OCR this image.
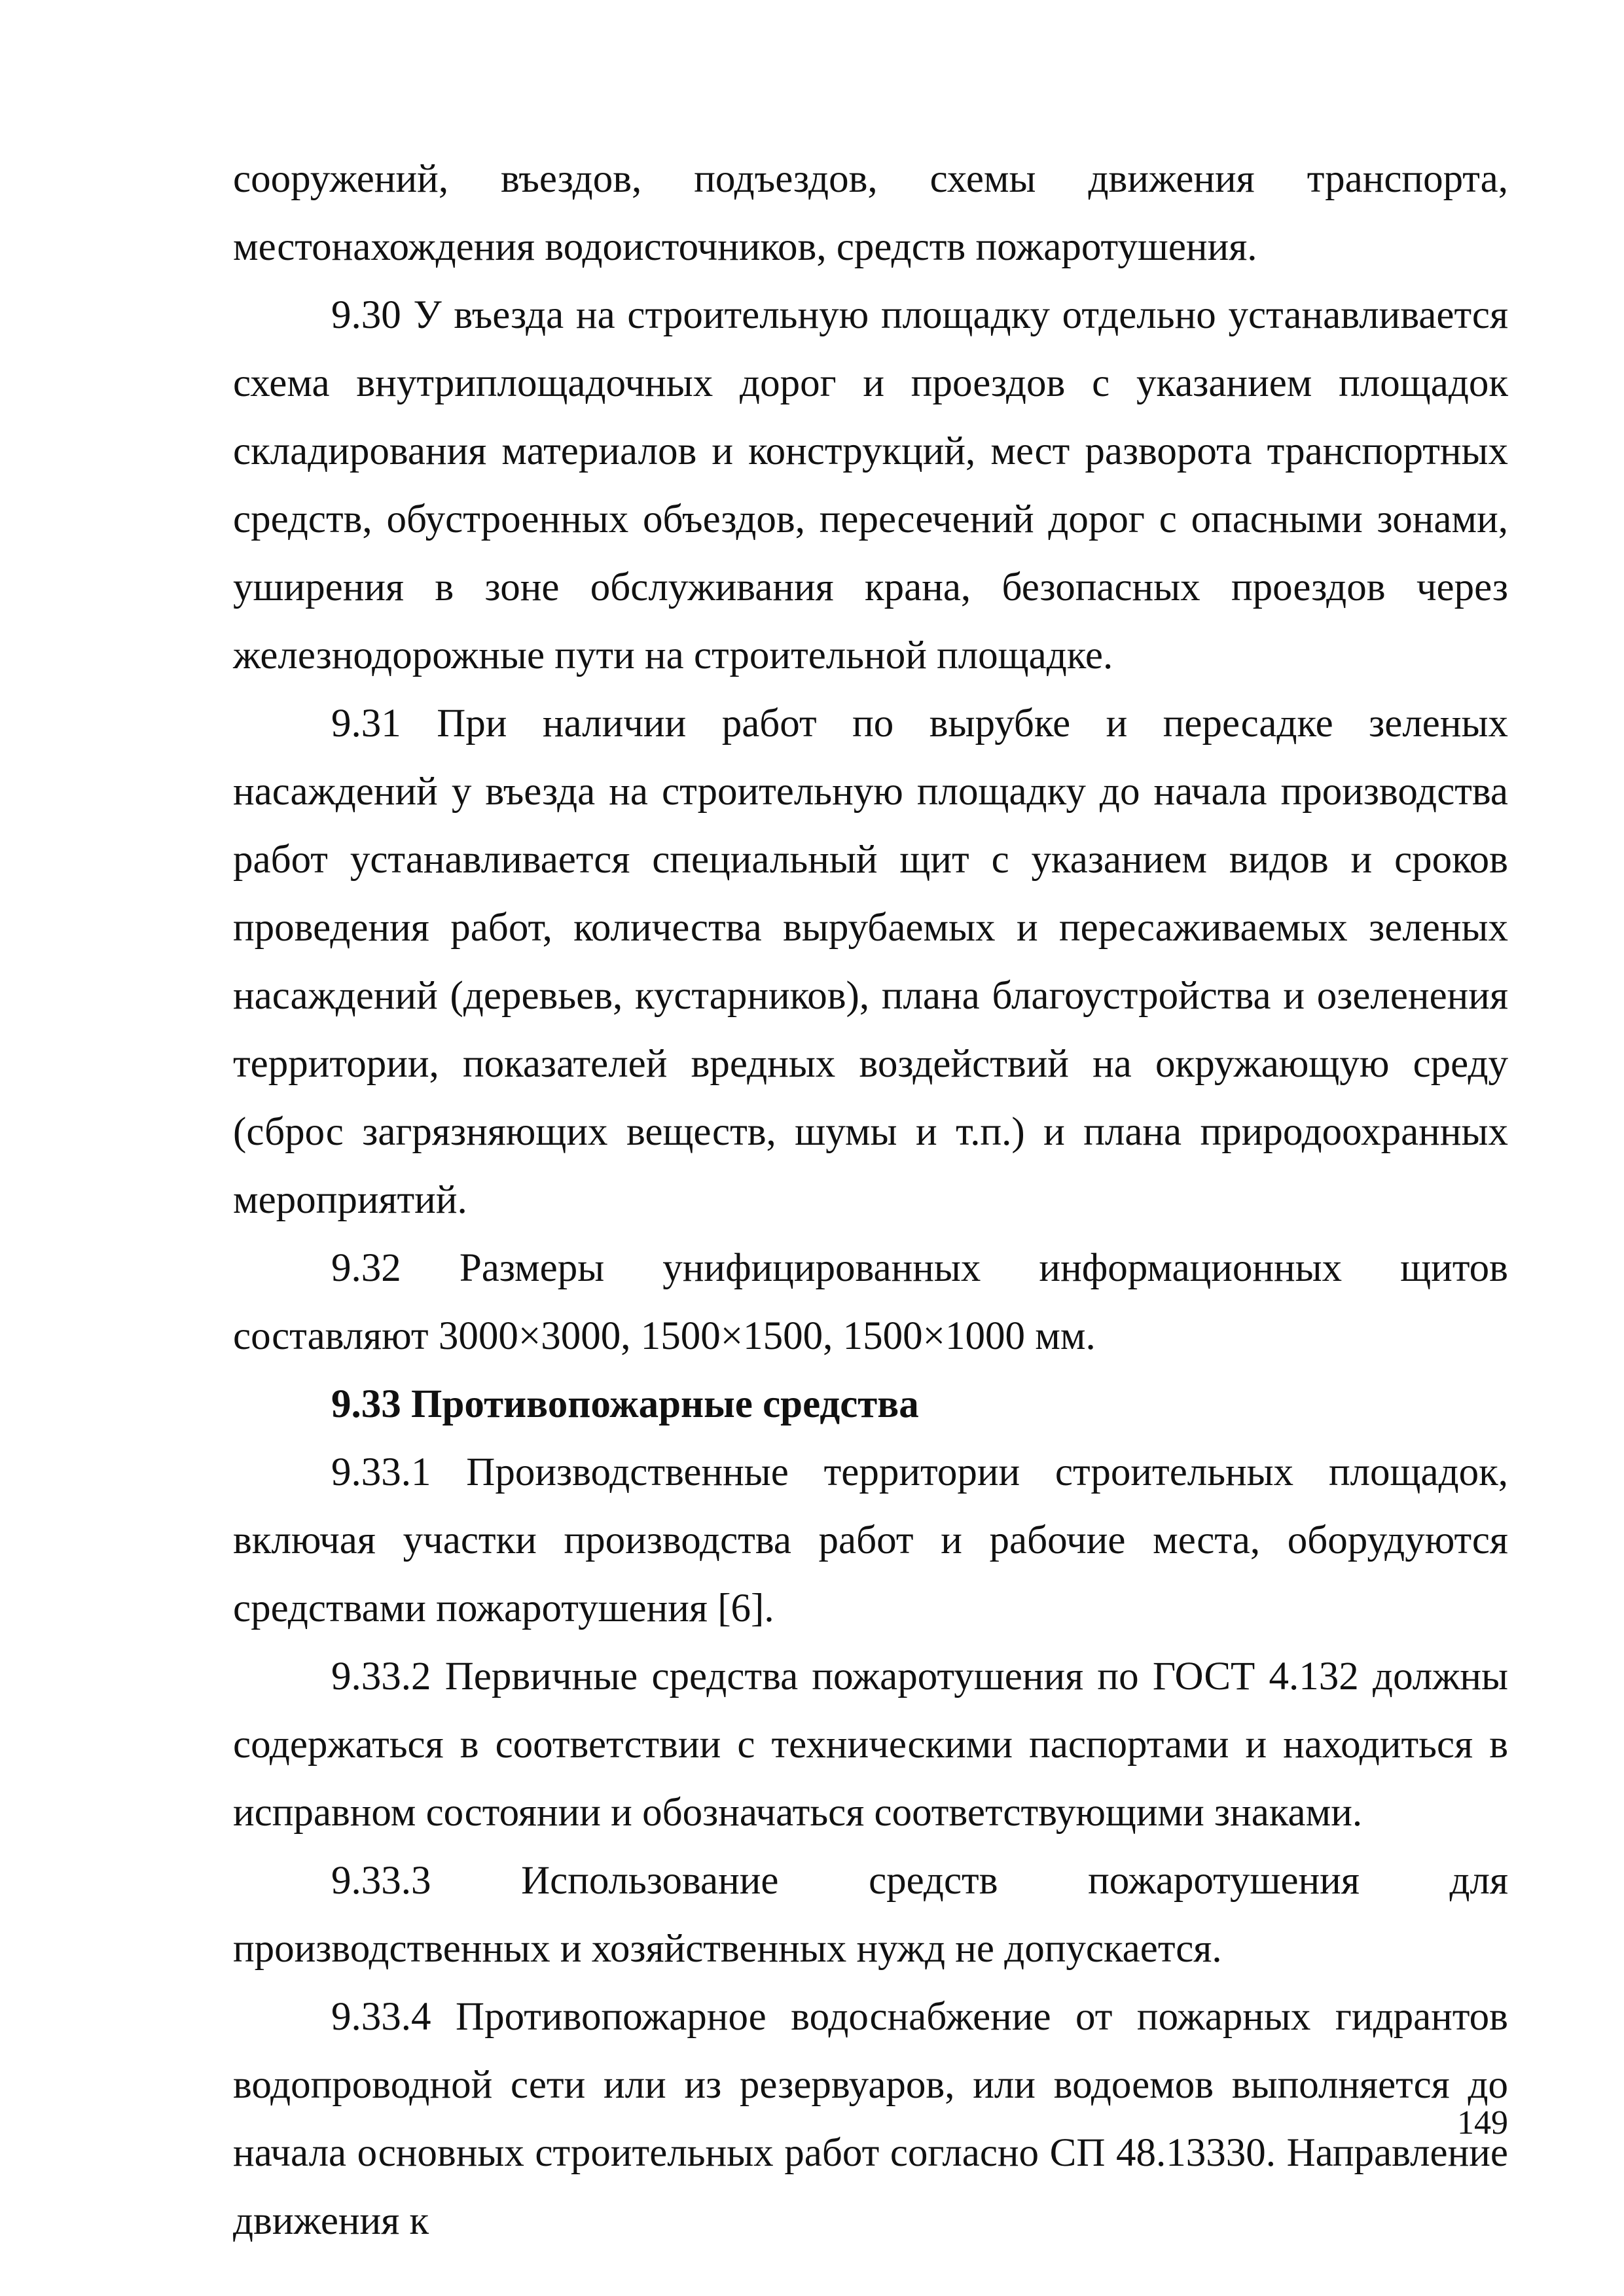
сооружений, въездов, подъездов, схемы движения транспорта, местонахождения водоисточников, средств пожаротушения.

9.30 У въезда на строительную площадку отдельно устанавливается схема внутриплощадочных дорог и проездов с указанием площадок складирования материалов и конструкций, мест разворота транспортных средств, обустроенных объездов, пересечений дорог с опасными зонами, уширения в зоне обслуживания крана, безопасных проездов через железнодорожные пути на строительной площадке.

9.31 При наличии работ по вырубке и пересадке зеленых насаждений у въезда на строительную площадку до начала производства работ устанавливается специальный щит с указанием видов и сроков проведения работ, количества вырубаемых и пересаживаемых зеленых насаждений (деревьев, кустарников), плана благоустройства и озеленения территории, показателей вредных воздействий на окружающую среду (сброс загрязняющих веществ, шумы и т.п.) и плана природоохранных мероприятий.

9.32 Размеры унифицированных информационных щитов составляют 3000×3000, 1500×1500, 1500×1000 мм.

9.33 Противопожарные средства

9.33.1 Производственные территории строительных площадок, включая участки производства работ и рабочие места, оборудуются средствами пожаротушения [6].

9.33.2 Первичные средства пожаротушения по ГОСТ 4.132 должны содержаться в соответствии с техническими паспортами и находиться в исправном состоянии и обозначаться соответствующими знаками.

9.33.3 Использование средств пожаротушения для производственных и хозяйственных нужд не допускается.

9.33.4 Противопожарное водоснабжение от пожарных гидрантов водопроводной сети или из резервуаров, или водоемов выполняется до начала основных строительных работ согласно СП 48.13330. Направление движения к

149
